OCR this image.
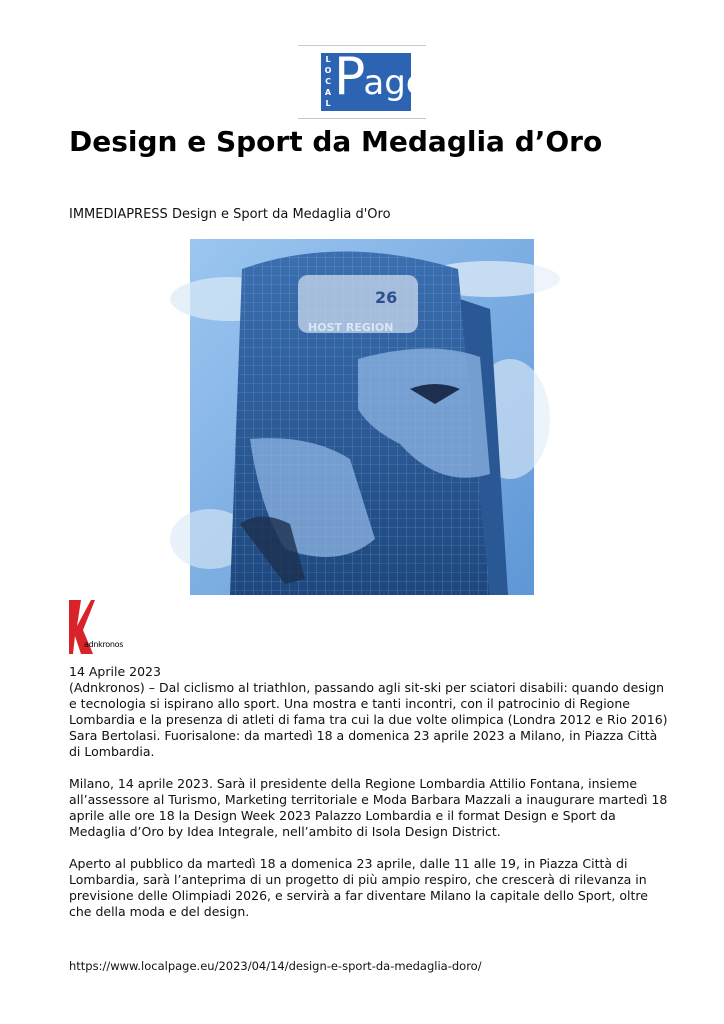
L
O
C
A
L Page
Design e Sport da Medaglia d’Oro
IMMEDIAPRESS Design e Sport da Medaglia d'Oro
26
HOST REGION
adnkronos

14 Aprile 2023

(Adnkronos) – Dal ciclismo al triathlon, passando agli sit-ski per sciatori disabili: quando design e tecnologia si ispirano allo sport. Una mostra e tanti incontri, con il patrocinio di Regione Lombardia e la presenza di atleti di fama tra cui la due volte olimpica (Londra 2012 e Rio 2016) Sara Bertolasi. Fuorisalone: da martedì 18 a domenica 23 aprile 2023 a Milano, in Piazza Città di Lombardia.

Milano, 14 aprile 2023. Sarà il presidente della Regione Lombardia Attilio Fontana, insieme all’assessore al Turismo, Marketing territoriale e Moda Barbara Mazzali a inaugurare martedì 18 aprile alle ore 18 la Design Week 2023 Palazzo Lombardia e il format Design e Sport da Medaglia d’Oro by Idea Integrale, nell’ambito di Isola Design District.

Aperto al pubblico da martedì 18 a domenica 23 aprile, dalle 11 alle 19, in Piazza Città di Lombardia, sarà l’anteprima di un progetto di più ampio respiro, che crescerà di rilevanza in previsione delle Olimpiadi 2026, e servirà a far diventare Milano la capitale dello Sport, oltre che della moda e del design.

https://www.localpage.eu/2023/04/14/design-e-sport-da-medaglia-doro/
